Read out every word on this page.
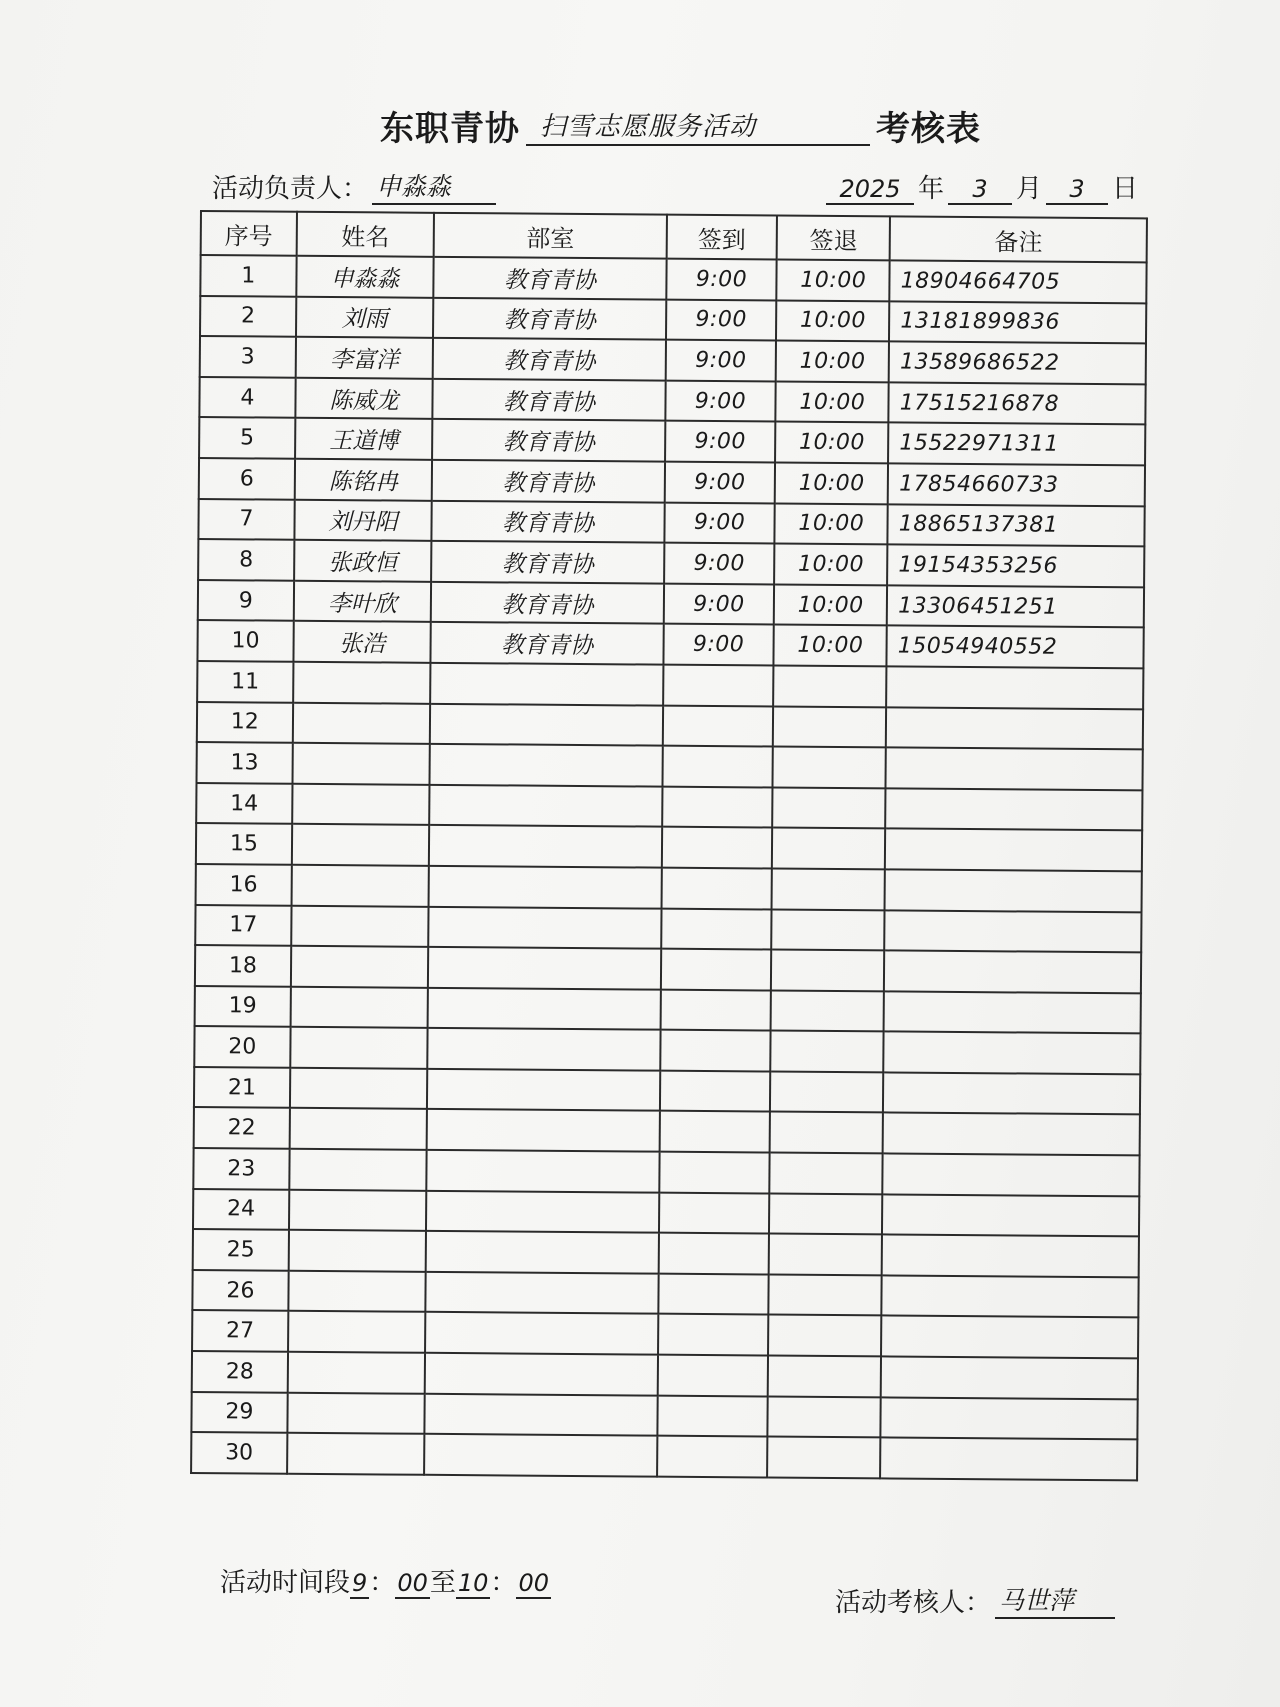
东职青协 扫雪志愿服务活动	考核表
活动负责人： 申淼淼	2025 年	3	月	3	日
序号	姓名	部室	签到	签退	备注
1	申淼淼	教育青协	9:00	10:00	18904664705
2	刘雨	教育青协	9:00	10:00	13181899836
3	李富洋	教育青协	9:00	10:00	13589686522
4	陈威龙	教育青协	9:00	10:00	17515216878
5	王道博	教育青协	9:00	10:00	15522971311
6	陈铭冉	教育青协	9:00	10:00	17854660733
7	刘丹阳	教育青协	9:00	10:00	18865137381
8	张政恒	教育青协	9:00	10:00	19154353256
9	李叶欣	教育青协	9:00	10:00	13306451251
10	张浩	教育青协	9:00	10:00	15054940552
11					
12					
13					
14					
15					
16					
17					
18					
19					
20					
21					
22					
23					
24					
25					
26					
27					
28					
29					
30					
活动时间段 9 ： 00 至 10 ： 00
活动考核人： 马世萍
